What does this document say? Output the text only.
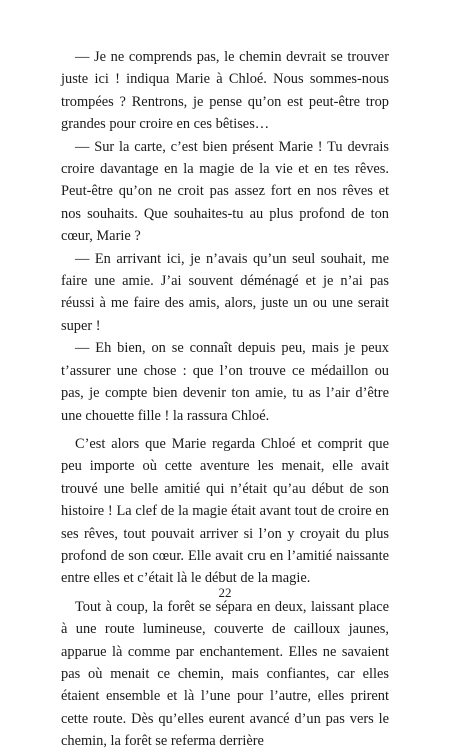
— Je ne comprends pas, le chemin devrait se trouver juste ici ! indiqua Marie à Chloé. Nous sommes-nous trompées ? Rentrons, je pense qu’on est peut-être trop grandes pour croire en ces bêtises…

— Sur la carte, c’est bien présent Marie ! Tu devrais croire davantage en la magie de la vie et en tes rêves. Peut-être qu’on ne croit pas assez fort en nos rêves et nos souhaits. Que souhaites-tu au plus profond de ton cœur, Marie ?

— En arrivant ici, je n’avais qu’un seul souhait, me faire une amie. J’ai souvent déménagé et je n’ai pas réussi à me faire des amis, alors, juste un ou une serait super !

— Eh bien, on se connaît depuis peu, mais je peux t’assurer une chose : que l’on trouve ce médaillon ou pas, je compte bien devenir ton amie, tu as l’air d’être une chouette fille ! la rassura Chloé.

C’est alors que Marie regarda Chloé et comprit que peu importe où cette aventure les menait, elle avait trouvé une belle amitié qui n’était qu’au début de son histoire ! La clef de la magie était avant tout de croire en ses rêves, tout pouvait arriver si l’on y croyait du plus profond de son cœur. Elle avait cru en l’amitié naissante entre elles et c’était là le début de la magie.

Tout à coup, la forêt se sépara en deux, laissant place à une route lumineuse, couverte de cailloux jaunes, apparue là comme par enchantement. Elles ne savaient pas où menait ce chemin, mais confiantes, car elles étaient ensemble et là l’une pour l’autre, elles prirent cette route. Dès qu’elles eurent avancé d’un pas vers le chemin, la forêt se referma derrière

22
